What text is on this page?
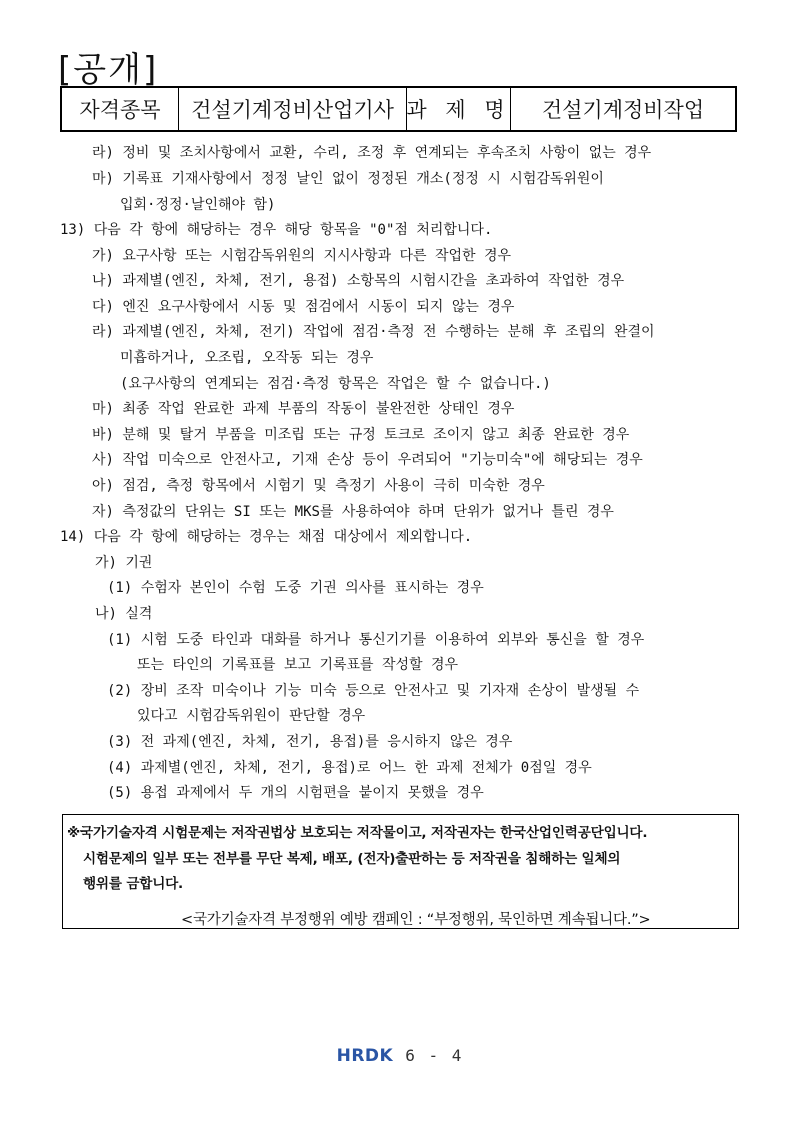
[공개]
자격종목	건설기계정비산업기사 과 제 명	건설기계정비작업
라) 정비 및 조치사항에서 교환, 수리, 조정 후 연계되는 후속조치 사항이 없는 경우
마) 기록표 기재사항에서 정정 날인 없이 정정된 개소(정정 시 시험감독위원이
입회·정정·날인해야 함)
13) 다음 각 항에 해당하는 경우 해당 항목을 "0"점 처리합니다.
가) 요구사항 또는 시험감독위원의 지시사항과 다른 작업한 경우
나) 과제별(엔진, 차체, 전기, 용접) 소항목의 시험시간을 초과하여 작업한 경우
다) 엔진 요구사항에서 시동 및 점검에서 시동이 되지 않는 경우
라) 과제별(엔진, 차체, 전기) 작업에 점검·측정 전 수행하는 분해 후 조립의 완결이
미흡하거나, 오조립, 오작동 되는 경우
(요구사항의 연계되는 점검·측정 항목은 작업은 할 수 없습니다.)
마) 최종 작업 완료한 과제 부품의 작동이 불완전한 상태인 경우
바) 분해 및 탈거 부품을 미조립 또는 규정 토크로 조이지 않고 최종 완료한 경우
사) 작업 미숙으로 안전사고, 기재 손상 등이 우려되어 "기능미숙"에 해당되는 경우
아) 점검, 측정 항목에서 시험기 및 측정기 사용이 극히 미숙한 경우
자) 측정값의 단위는 SI 또는 MKS를 사용하여야 하며 단위가 없거나 틀린 경우
14) 다음 각 항에 해당하는 경우는 채점 대상에서 제외합니다.
가) 기권
(1) 수험자 본인이 수험 도중 기권 의사를 표시하는 경우
나) 실격
(1) 시험 도중 타인과 대화를 하거나 통신기기를 이용하여 외부와 통신을 할 경우
또는 타인의 기록표를 보고 기록표를 작성할 경우
(2) 장비 조작 미숙이나 기능 미숙 등으로 안전사고 및 기자재 손상이 발생될 수
있다고 시험감독위원이 판단할 경우
(3) 전 과제(엔진, 차체, 전기, 용접)를 응시하지 않은 경우
(4) 과제별(엔진, 차체, 전기, 용접)로 어느 한 과제 전체가 0점일 경우
(5) 용접 과제에서 두 개의 시험편을 붙이지 못했을 경우
※국가기술자격 시험문제는 저작권법상 보호되는 저작물이고, 저작권자는 한국산업인력공단입니다.
시험문제의 일부 또는 전부를 무단 복제, 배포, (전자)출판하는 등 저작권을 침해하는 일체의
행위를 금합니다.
<국가기술자격 부정행위 예방 캠페인 : “부정행위, 묵인하면 계속됩니다.”>
HRDK 6 - 4
